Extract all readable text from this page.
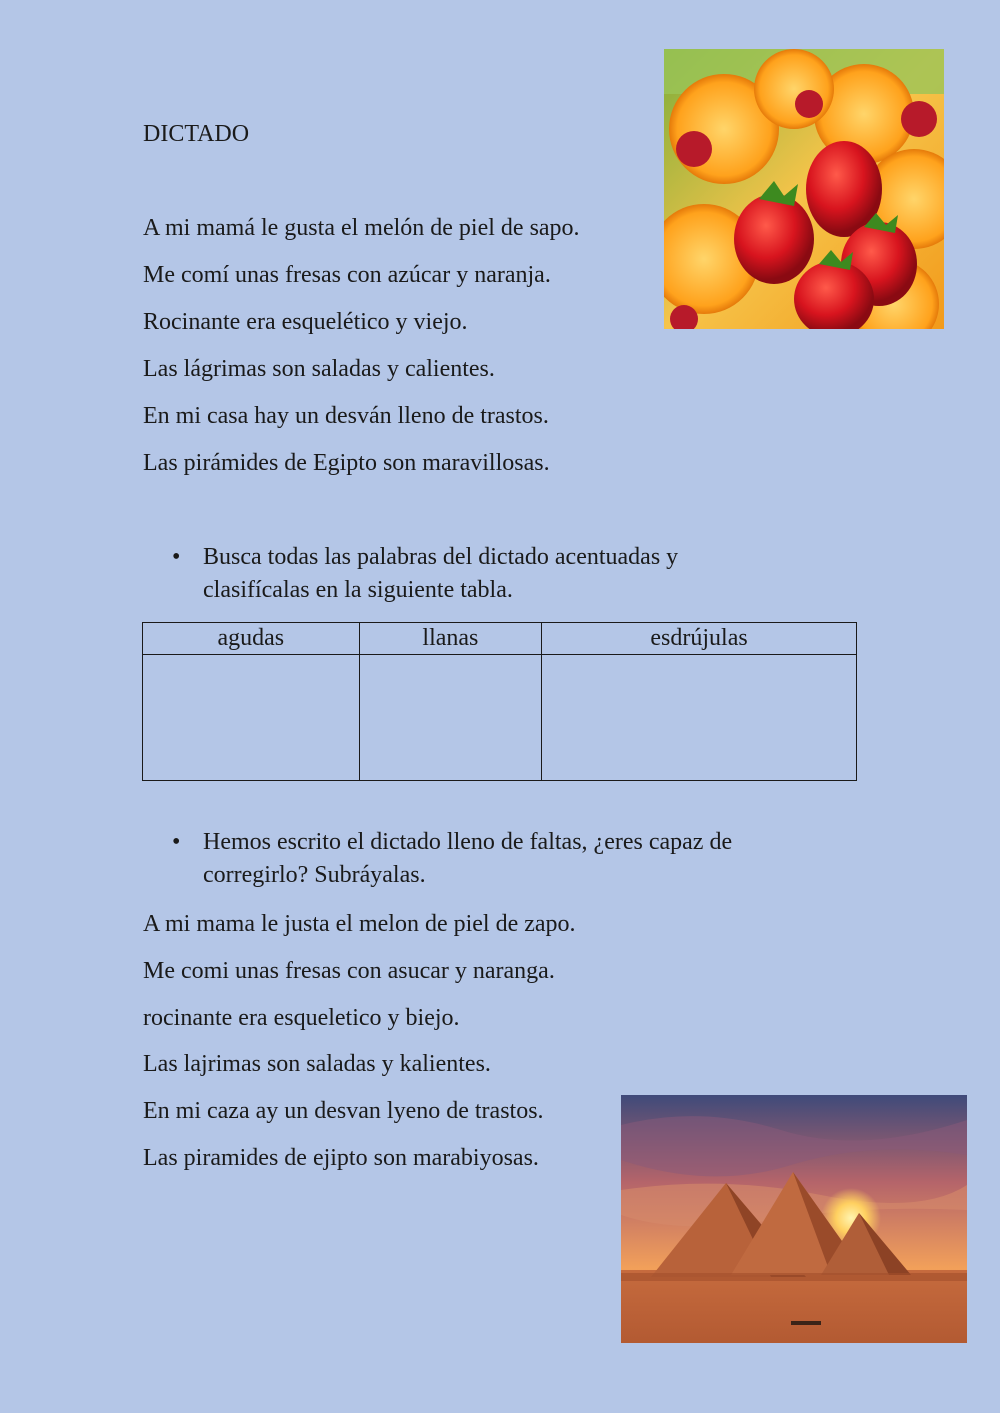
DICTADO
A mi mamá le gusta el melón de piel de sapo.
Me comí unas fresas con azúcar y naranja.
Rocinante era esquelético y viejo.
Las lágrimas son saladas y calientes.
En mi casa hay un desván lleno de trastos.
Las pirámides de Egipto son maravillosas.
• Busca todas las palabras del dictado acentuadas y
clasifícalas en la siguiente tabla.
agudas	llanas	esdrújulas

• Hemos escrito el dictado lleno de faltas, ¿eres capaz de
corregirlo? Subráyalas.
A mi mama le justa el melon de piel de zapo.
Me comi unas fresas con asucar y naranga.
rocinante era esqueletico y biejo.
Las lajrimas son saladas y kalientes.
En mi caza ay un desvan lyeno de trastos.
Las piramides de ejipto son marabiyosas.
